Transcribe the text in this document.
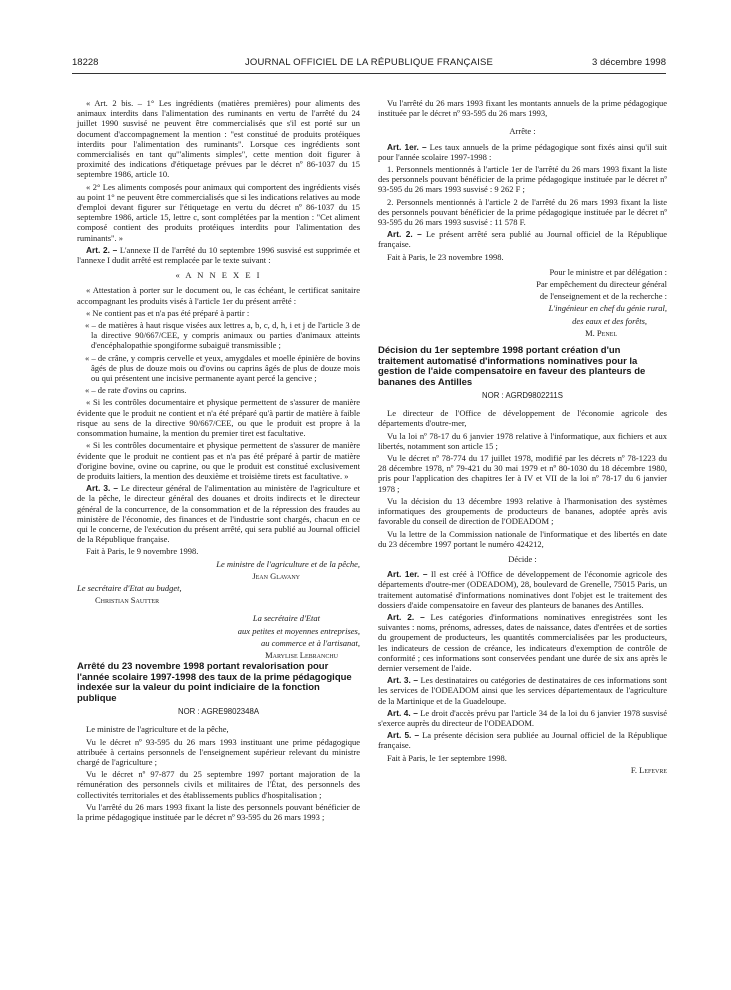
18228	JOURNAL OFFICIEL DE LA RÉPUBLIQUE FRANÇAISE	3 décembre 1998

« Art. 2 bis. – 1° Les ingrédients (matières premières) pour aliments des animaux interdits dans l'alimentation des ruminants en vertu de l'arrêté du 24 juillet 1990 susvisé ne peuvent être commercialisés que s'il est porté sur un document d'accompagnement la mention : "est constitué de produits protéiques interdits pour l'alimentation des ruminants". Lorsque ces ingrédients sont commercialisés en tant qu'"aliments simples", cette mention doit figurer à proximité des indications d'étiquetage prévues par le décret nº 86-1037 du 15 septembre 1986, article 10.

« 2° Les aliments composés pour animaux qui comportent des ingrédients visés au point 1° ne peuvent être commercialisés que si les indications relatives au mode d'emploi devant figurer sur l'étiquetage en vertu du décret nº 86-1037 du 15 septembre 1986, article 15, lettre c, sont complétées par la mention : "Cet aliment composé contient des produits protéiques interdits pour l'alimentation des ruminants". »

Art. 2. – L'annexe II de l'arrêté du 10 septembre 1996 susvisé est supprimée et l'annexe I dudit arrêté est remplacée par le texte suivant :

« A N N E X E I

« Attestation à porter sur le document ou, le cas échéant, le certificat sanitaire accompagnant les produits visés à l'article 1er du présent arrêté :

« Ne contient pas et n'a pas été préparé à partir :

« – de matières à haut risque visées aux lettres a, b, c, d, h, i et j de l'article 3 de la directive 90/667/CEE, y compris animaux ou parties d'animaux atteints d'encéphalopathie spongiforme subaiguë transmissible ;

« – de crâne, y compris cervelle et yeux, amygdales et moelle épinière de bovins âgés de plus de douze mois ou d'ovins ou caprins âgés de plus de douze mois ou qui présentent une incisive permanente ayant percé la gencive ;

« – de rate d'ovins ou caprins.

« Si les contrôles documentaire et physique permettent de s'assurer de manière évidente que le produit ne contient et n'a été préparé qu'à partir de matière à faible risque au sens de la directive 90/667/CEE, ou que le produit est propre à la consommation humaine, la mention du premier tiret est facultative.

« Si les contrôles documentaire et physique permettent de s'assurer de manière évidente que le produit ne contient pas et n'a pas été préparé à partir de matière d'origine bovine, ovine ou caprine, ou que le produit est constitué exclusivement de produits laitiers, la mention des deuxième et troisième tirets est facultative. »

Art. 3. – Le directeur général de l'alimentation au ministère de l'agriculture et de la pêche, le directeur général des douanes et droits indirects et le directeur général de la concurrence, de la consommation et de la répression des fraudes au ministère de l'économie, des finances et de l'industrie sont chargés, chacun en ce qui le concerne, de l'exécution du présent arrêté, qui sera publié au Journal officiel de la République française.

Fait à Paris, le 9 novembre 1998.

Le ministre de l'agriculture et de la pêche,

Jean Glavany

Le secrétaire d'Etat au budget,

Christian Sautter

La secrétaire d'Etat

aux petites et moyennes entreprises,

au commerce et à l'artisanat,

Marylise Lebranchu

Arrêté du 23 novembre 1998 portant revalorisation pour l'année scolaire 1997-1998 des taux de la prime pédagogique indexée sur la valeur du point indiciaire de la fonction publique

NOR : AGRE9802348A

Le ministre de l'agriculture et de la pêche,

Vu le décret nº 93-595 du 26 mars 1993 instituant une prime pédagogique attribuée à certains personnels de l'enseignement supérieur relevant du ministre chargé de l'agriculture ;

Vu le décret nº 97-877 du 25 septembre 1997 portant majoration de la rémunération des personnels civils et militaires de l'État, des personnels des collectivités territoriales et des établissements publics d'hospitalisation ;

Vu l'arrêté du 26 mars 1993 fixant la liste des personnels pouvant bénéficier de la prime pédagogique instituée par le décret nº 93-595 du 26 mars 1993 ;

Vu l'arrêté du 26 mars 1993 fixant les montants annuels de la prime pédagogique instituée par le décret nº 93-595 du 26 mars 1993,

Arrête :

Art. 1er. – Les taux annuels de la prime pédagogique sont fixés ainsi qu'il suit pour l'année scolaire 1997-1998 :

1. Personnels mentionnés à l'article 1er de l'arrêté du 26 mars 1993 fixant la liste des personnels pouvant bénéficier de la prime pédagogique instituée par le décret nº 93-595 du 26 mars 1993 susvisé : 9 262 F ;

2. Personnels mentionnés à l'article 2 de l'arrêté du 26 mars 1993 fixant la liste des personnels pouvant bénéficier de la prime pédagogique instituée par le décret nº 93-595 du 26 mars 1993 susvisé : 11 578 F.

Art. 2. – Le présent arrêté sera publié au Journal officiel de la République française.

Fait à Paris, le 23 novembre 1998.

Pour le ministre et par délégation :

Par empêchement du directeur général

de l'enseignement et de la recherche :

L'ingénieur en chef du génie rural,

des eaux et des forêts,

M. Penel

Décision du 1er septembre 1998 portant création d'un traitement automatisé d'informations nominatives pour la gestion de l'aide compensatoire en faveur des planteurs de bananes des Antilles

NOR : AGRD9802211S

Le directeur de l'Office de développement de l'économie agricole des départements d'outre-mer,

Vu la loi nº 78-17 du 6 janvier 1978 relative à l'informatique, aux fichiers et aux libertés, notamment son article 15 ;

Vu le décret nº 78-774 du 17 juillet 1978, modifié par les décrets nº 78-1223 du 28 décembre 1978, nº 79-421 du 30 mai 1979 et nº 80-1030 du 18 décembre 1980, pris pour l'application des chapitres Ier à IV et VII de la loi nº 78-17 du 6 janvier 1978 ;

Vu la décision du 13 décembre 1993 relative à l'harmonisation des systèmes informatiques des groupements de producteurs de bananes, adoptée après avis favorable du conseil de direction de l'ODEADOM ;

Vu la lettre de la Commission nationale de l'informatique et des libertés en date du 23 décembre 1997 portant le numéro 424212,

Décide :

Art. 1er. – Il est créé à l'Office de développement de l'économie agricole des départements d'outre-mer (ODEADOM), 28, boulevard de Grenelle, 75015 Paris, un traitement automatisé d'informations nominatives dont l'objet est le traitement des dossiers d'aide compensatoire en faveur des planteurs de bananes des Antilles.

Art. 2. – Les catégories d'informations nominatives enregistrées sont les suivantes : noms, prénoms, adresses, dates de naissance, dates d'entrées et de sorties du groupement de producteurs, les quantités commercialisées par les producteurs, les indicateurs de cession de créance, les indicateurs d'exemption de contrôle de conformité ; ces informations sont conservées pendant une durée de six ans après le dernier versement de l'aide.

Art. 3. – Les destinataires ou catégories de destinataires de ces informations sont les services de l'ODEADOM ainsi que les services départementaux de l'agriculture de la Martinique et de la Guadeloupe.

Art. 4. – Le droit d'accès prévu par l'article 34 de la loi du 6 janvier 1978 susvisé s'exerce auprès du directeur de l'ODEADOM.

Art. 5. – La présente décision sera publiée au Journal officiel de la République française.

Fait à Paris, le 1er septembre 1998.

F. Lefevre
